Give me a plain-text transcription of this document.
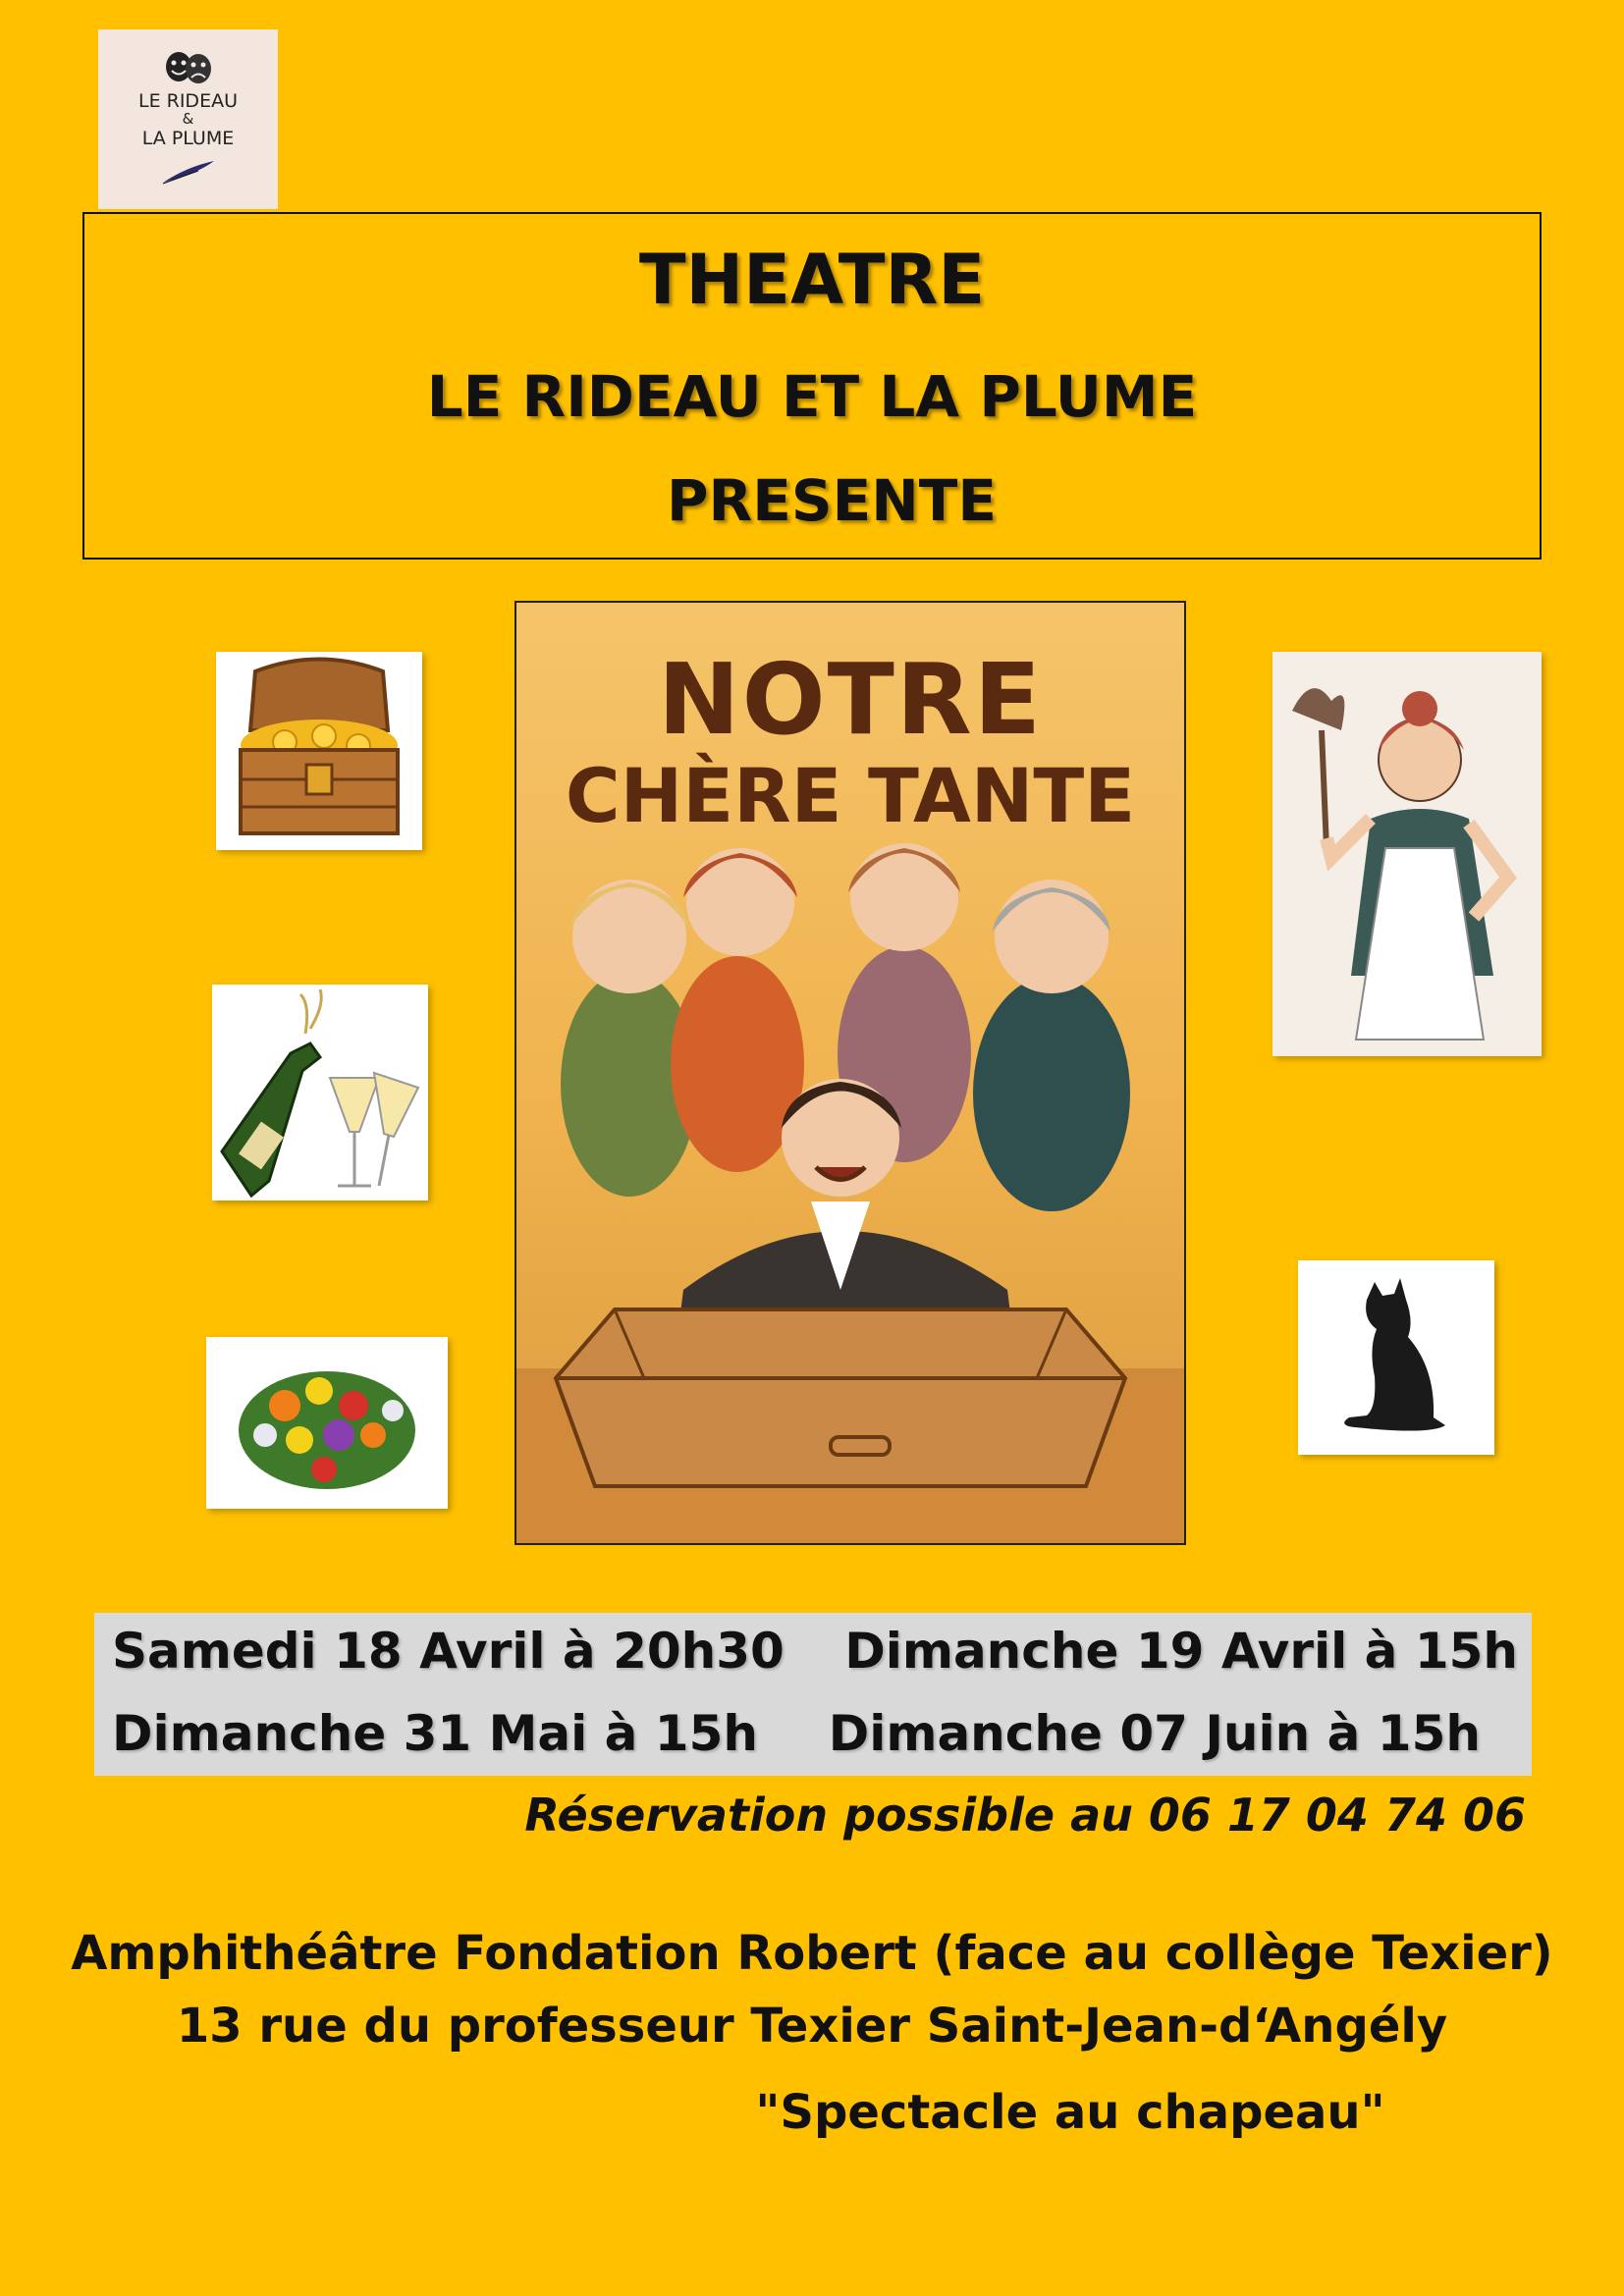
LE RIDEAU
&
LA PLUME
THEATRE
LE RIDEAU ET LA PLUME
PRESENTE
NOTRE
CHÈRE TANTE
Samedi 18 Avril à 20h30 Dimanche 19 Avril à 15h
Dimanche 31 Mai à 15h Dimanche 07 Juin à 15h
Réservation possible au 06 17 04 74 06
Amphithéâtre Fondation Robert (face au collège Texier)
13 rue du professeur Texier Saint-Jean-d‘Angély
"Spectacle au chapeau"
